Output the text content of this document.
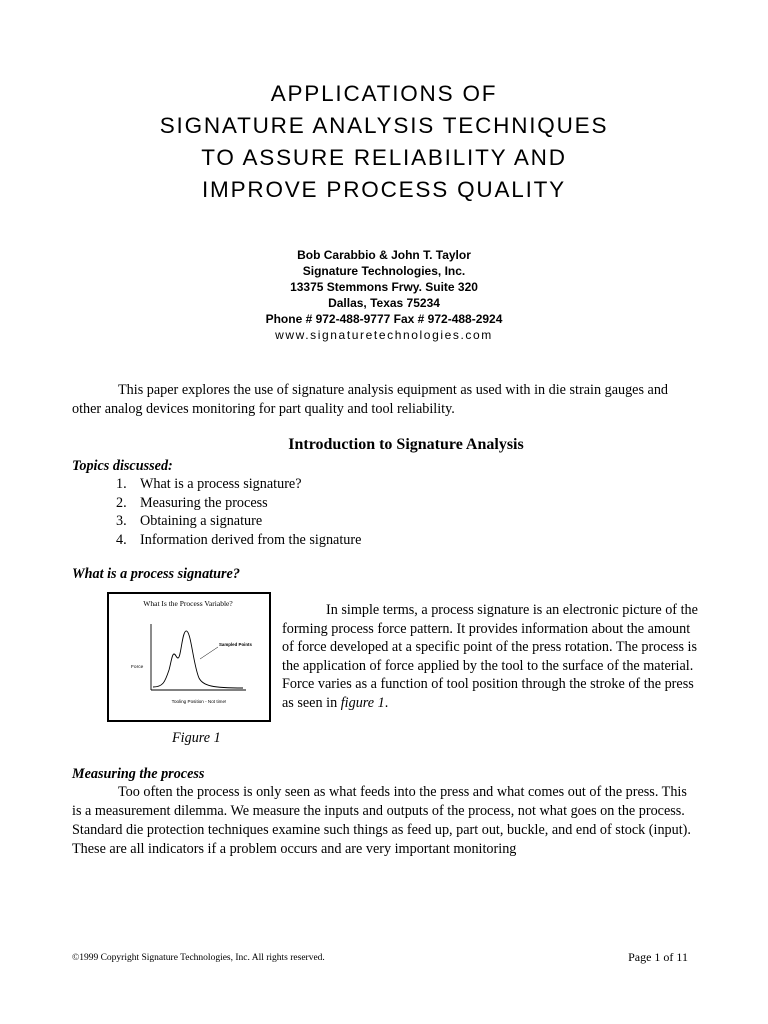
APPLICATIONS OF
SIGNATURE ANALYSIS TECHNIQUES
TO ASSURE RELIABILITY AND
IMPROVE PROCESS QUALITY
Bob Carabbio & John T. Taylor
Signature Technologies, Inc.
13375 Stemmons Frwy. Suite 320
Dallas, Texas 75234
Phone # 972-488-9777 Fax # 972-488-2924
www.signaturetechnologies.com

This paper explores the use of signature analysis equipment as used with in die strain gauges and other analog devices monitoring for part quality and tool reliability.

Introduction to Signature Analysis
Topics discussed:
1. What is a process signature?
2. Measuring the process
3. Obtaining a signature
4. Information derived from the signature
What is a process signature?
What Is the Process Variable?
Force
Tooling Position - Not time!
Sampled Points
Figure 1

In simple terms, a process signature is an electronic picture of the forming process force pattern. It provides information about the amount of force developed at a specific point of the press rotation. The process is the application of force applied by the tool to the surface of the material. Force varies as a function of tool position through the stroke of the press as seen in figure 1.

Measuring the process

Too often the process is only seen as what feeds into the press and what comes out of the press. This is a measurement dilemma. We measure the inputs and outputs of the process, not what goes on the process. Standard die protection techniques examine such things as feed up, part out, buckle, and end of stock (input). These are all indicators if a problem occurs and are very important monitoring

©1999 Copyright Signature Technologies, Inc. All rights reserved.	Page 1 of 11
